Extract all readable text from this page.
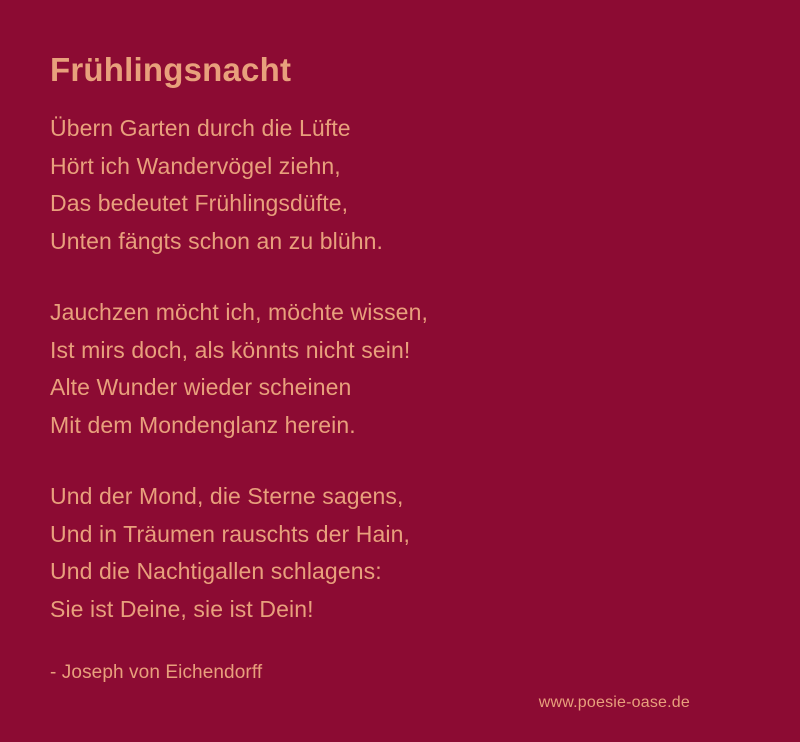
Frühlingsnacht
Übern Garten durch die Lüfte
Hört ich Wandervögel ziehn,
Das bedeutet Frühlingsdüfte,
Unten fängts schon an zu blühn.
Jauchzen möcht ich, möchte wissen,
Ist mirs doch, als könnts nicht sein!
Alte Wunder wieder scheinen
Mit dem Mondenglanz herein.
Und der Mond, die Sterne sagens,
Und in Träumen rauschts der Hain,
Und die Nachtigallen schlagens:
Sie ist Deine, sie ist Dein!
- Joseph von Eichendorff
www.poesie-oase.de
